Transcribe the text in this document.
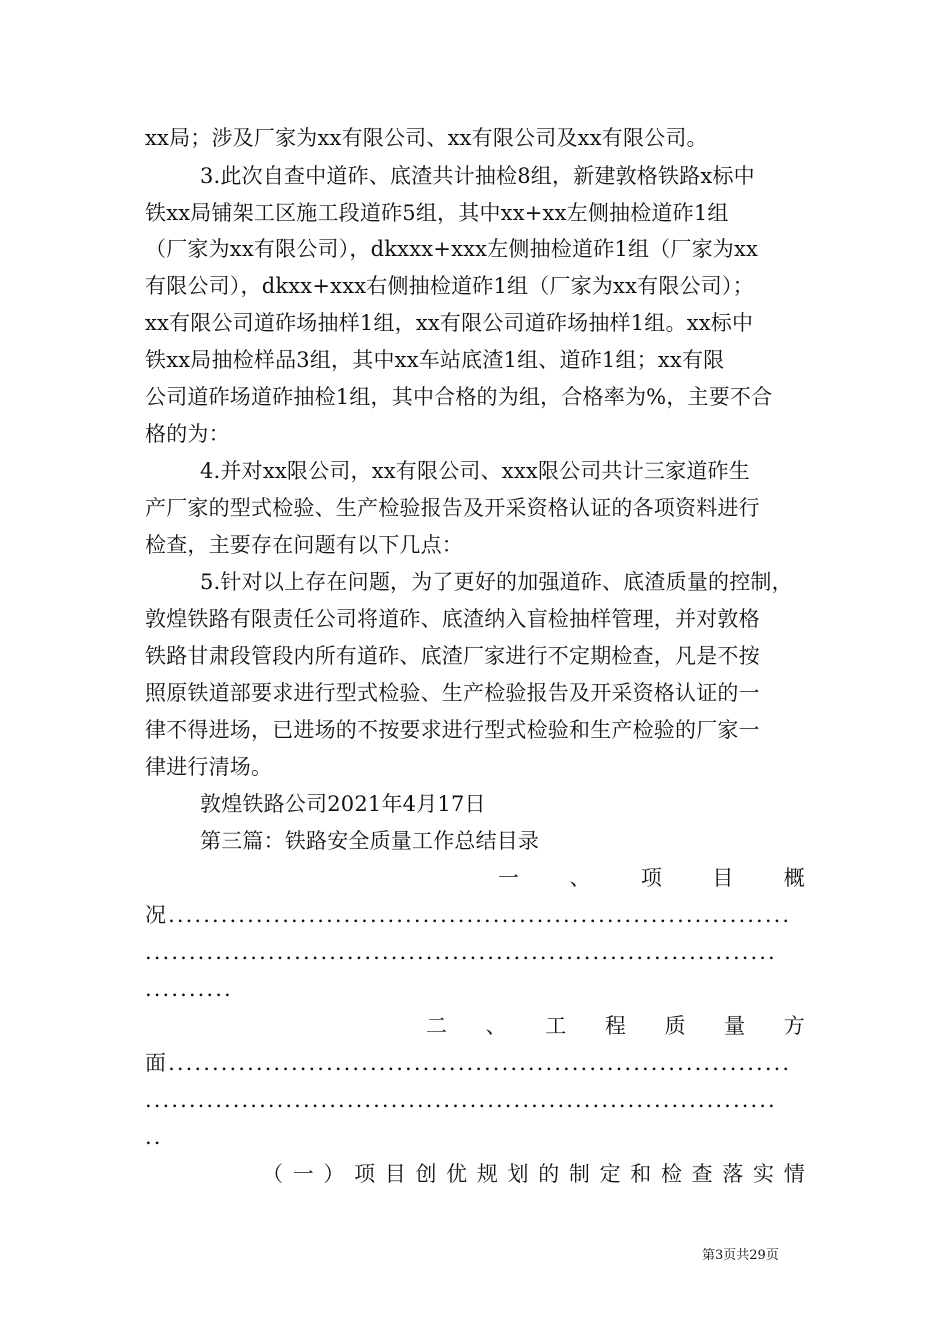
xx局；涉及厂家为xx有限公司、xx有限公司及xx有限公司。
3.此次自查中道砟、底渣共计抽检8组，新建敦格铁路x标中
铁xx局铺架工区施工段道砟5组，其中xx+xx左侧抽检道砟1组
（厂家为xx有限公司），dkxxx+xxx左侧抽检道砟1组（厂家为xx
有限公司），dkxx+xxx右侧抽检道砟1组（厂家为xx有限公司）；
xx有限公司道砟场抽样1组，xx有限公司道砟场抽样1组。xx标中
铁xx局抽检样品3组，其中xx车站底渣1组、道砟1组；xx有限
公司道砟场道砟抽检1组，其中合格的为组，合格率为%，主要不合
格的为：
4.并对xx限公司，xx有限公司、xxx限公司共计三家道砟生
产厂家的型式检验、生产检验报告及开采资格认证的各项资料进行
检查，主要存在问题有以下几点：
5.针对以上存在问题，为了更好的加强道砟、底渣质量的控制，
敦煌铁路有限责任公司将道砟、底渣纳入盲检抽样管理，并对敦格
铁路甘肃段管段内所有道砟、底渣厂家进行不定期检查，凡是不按
照原铁道部要求进行型式检验、生产检验报告及开采资格认证的一
律不得进场，已进场的不按要求进行型式检验和生产检验的厂家一
律进行清场。
敦煌铁路公司2021年4月17日
第三篇：铁路安全质量工作总结目录
一 、 项 目 概
况.......................................................................
........................................................................
..........
二 、 工 程 质 量 方
面.......................................................................
........................................................................
..
（ 一 ） 项 目 创 优 规 划 的 制 定 和 检 查 落 实 情
第3页共29页
